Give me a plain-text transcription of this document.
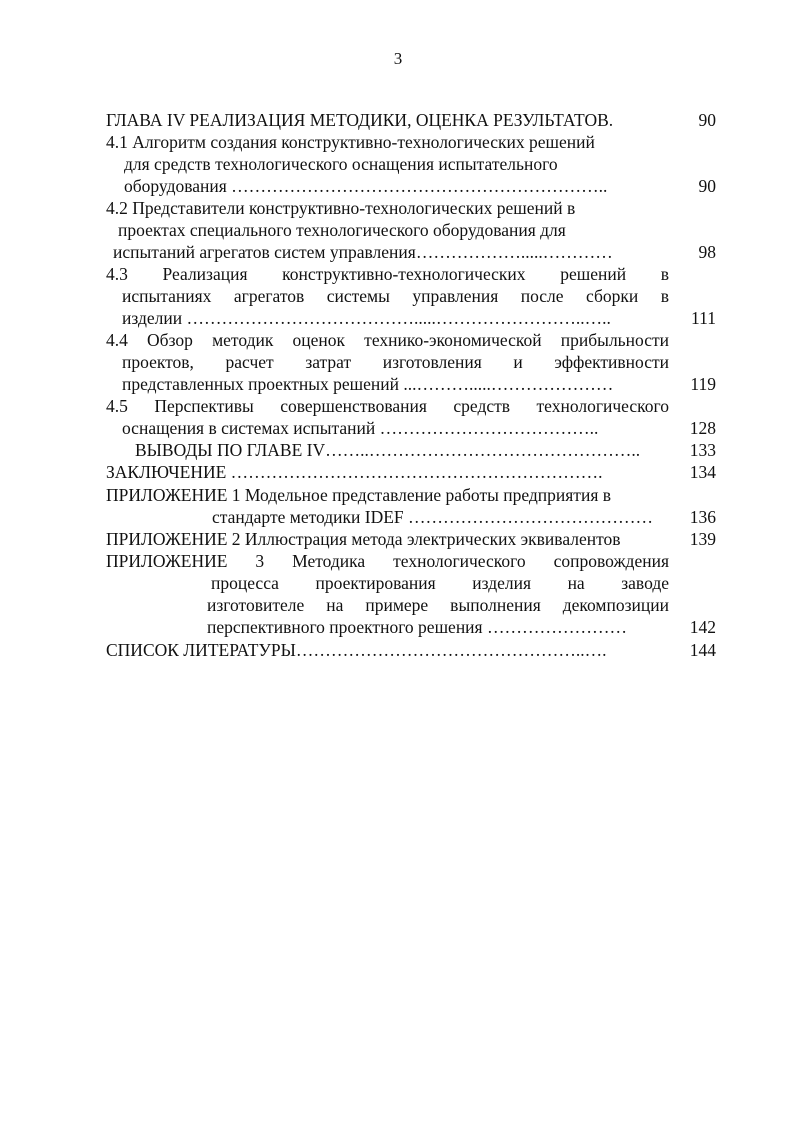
3
ГЛАВА IV РЕАЛИЗАЦИЯ МЕТОДИКИ, ОЦЕНКА РЕЗУЛЬТАТОВ.	90
4.1 Алгоритм создания конструктивно-технологических решений
для средств технологического оснащения испытательного
оборудования ………………………………………………………..	90
4.2 Представители конструктивно-технологических решений в
проектах специального технологического оборудования для
испытаний агрегатов систем управления……………….....…………	98
4.3 Реализация конструктивно-технологических решений в
испытаниях агрегатов системы управления после сборки в
изделии ………………………………….....……………………..…..	111
4.4 Обзор методик оценок технико-экономической прибыльности
проектов, расчет затрат изготовления и эффективности
представленных проектных решений ...……….....…………………	119
4.5 Перспективы совершенствования средств технологического
оснащения в системах испытаний ………………………………..	128
ВЫВОДЫ ПО ГЛАВЕ IV……..………………………………………..	133
ЗАКЛЮЧЕНИЕ ……………………………………………………….	134
ПРИЛОЖЕНИЕ 1 Модельное представление работы предприятия в
стандарте методики IDEF …………………………………… 136
ПРИЛОЖЕНИЕ 2 Иллюстрация метода электрических эквивалентов	139
ПРИЛОЖЕНИЕ 3 Методика технологического сопровождения
процесса проектирования изделия на заводе
изготовителе на примере выполнения декомпозиции
перспективного проектного решения ……………………	142
СПИСОК ЛИТЕРАТУРЫ…………………………………………..….	144
